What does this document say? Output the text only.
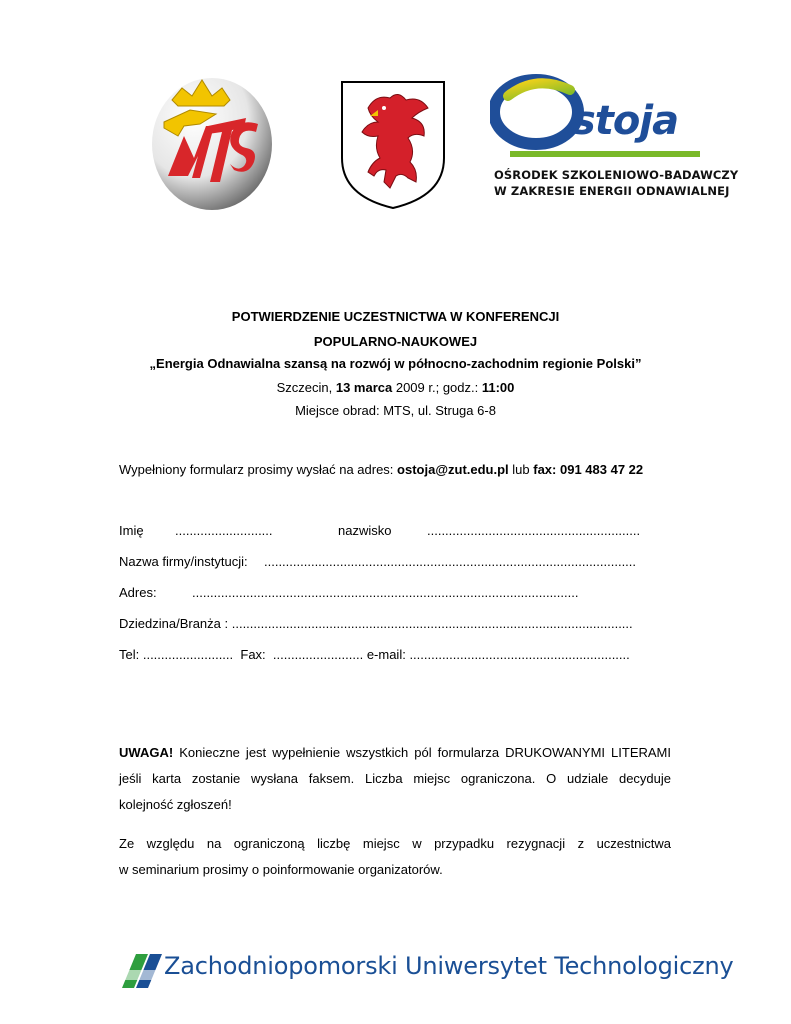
stoja
OŚRODEK SZKOLENIOWO-BADAWCZY
W ZAKRESIE ENERGII ODNAWIALNEJ
POTWIERDZENIE UCZESTNICTWA W KONFERENCJI
POPULARNO-NAUKOWEJ
„Energia Odnawialna szansą na rozwój w północno-zachodnim regionie Polski”
Szczecin, 13 marca 2009 r.; godz.: 11:00
Miejsce obrad: MTS, ul. Struga 6-8
Wypełniony formularz prosimy wysłać na adres: ostoja@zut.edu.pl lub fax: 091 483 47 22
Imię ...........................	nazwisko	...........................................................
Nazwa firmy/instytucji: .......................................................................................................
Adres:	...........................................................................................................
Dziedzina/Branża : ...............................................................................................................
Tel: ......................... Fax:  ......................... e-mail: .............................................................
UWAGA! Konieczne jest wypełnienie wszystkich pól formularza DRUKOWANYMI LITERAMI
jeśli karta zostanie wysłana faksem. Liczba miejsc ograniczona. O udziale decyduje
kolejność zgłoszeń!
Ze względu na ograniczoną liczbę miejsc w przypadku rezygnacji z uczestnictwa
w seminarium prosimy o poinformowanie organizatorów.
Zachodniopomorski Uniwersytet Technologiczny
